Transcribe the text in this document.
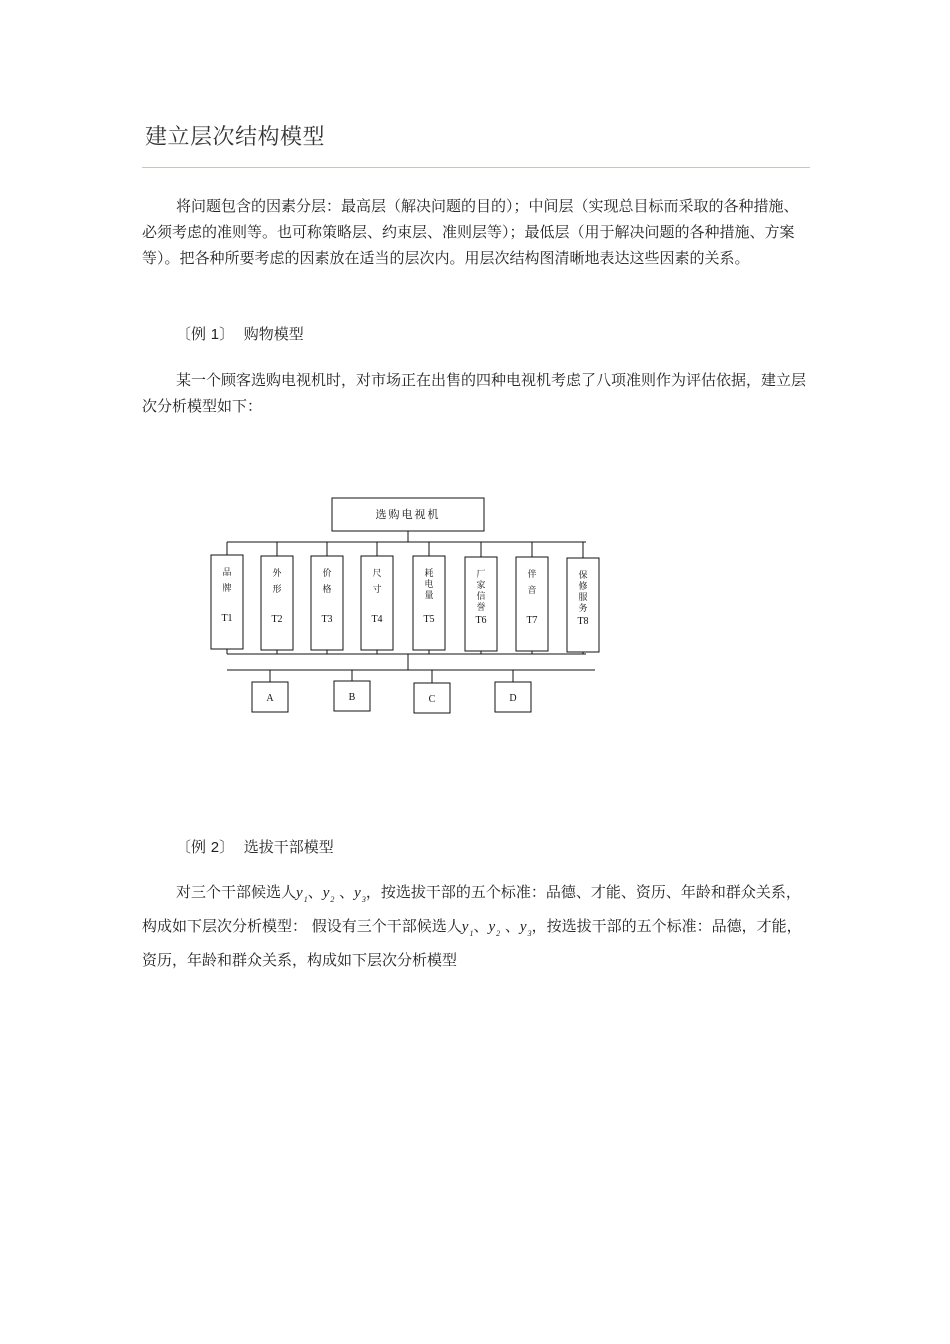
建立层次结构模型

将问题包含的因素分层：最高层（解决问题的目的）；中间层（实现总目标而采取的各种措施、必须考虑的准则等。也可称策略层、约束层、准则层等）；最低层（用于解决问题的各种措施、方案等）。把各种所要考虑的因素放在适当的层次内。用层次结构图清晰地表达这些因素的关系。

〔例 1〕 购物模型

某一个顾客选购电视机时，对市场正在出售的四种电视机考虑了八项准则作为评估依据，建立层次分析模型如下：

选购电视机
品牌
T1
外形
T2
价格
T3
尺寸
T4
耗电量
T5
厂家信誉
T6
伴音
T7
保修服务
T8
A	B	C	D
〔例 2〕 选拔干部模型

对三个干部候选人$y_1$、$y_2$ 、$y_3$，按选拔干部的五个标准：品德、才能、资历、年龄和群众关系，构成如下层次分析模型： 假设有三个干部候选人$y_1$、$y_2$ 、$y_3$，按选拔干部的五个标准：品德，才能，资历，年龄和群众关系，构成如下层次分析模型
